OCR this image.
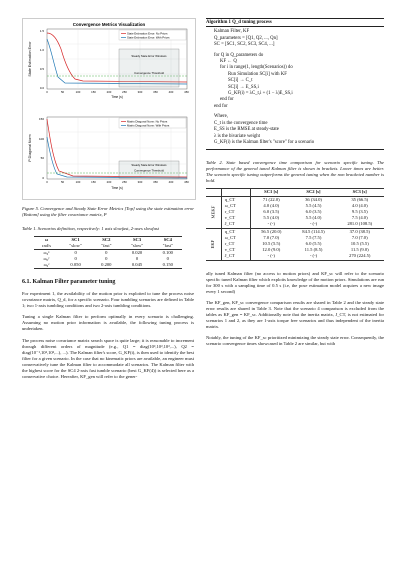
Convergence Metrics Visualization
State Estimation Error
1.5
1.0
0.5
0.0
Steady State Error Windows
Convergence Threshold
State Estimation Error: No Priors
State Estimation Error: With Priors
0	50	100	150	200	250	300	350	400	450
Time (s)
P Diagonal Norm
150
100
50
0
Steady State Error Windows
Convergence Threshold
Matrix Diagonal Norm: No Priors
Matrix Diagonal Norm: With Priors
0	50	100	150	200	250	300	350	400	450
Time (s)
Figure 5. Convergence and Steady State Error Metrics [Top] using the state estimation error [Bottom] using the filter covariance matrix, P
Table 1. Scenarios definition, respectively: 1 axis slowfast, 2-axes slowfast
ω	SC1	SC2	SC3	SC4
rad/s	"slow"	"fast"	"slow"	"fast"
ω₀ˣ	0	0	0.020	0.100
ω₀ʸ	0	0	0	0
ω₀ᶻ	0.050	0.200	0.045	0.150
6.1. Kalman Filter parameter tuning

For experiment 1, the availability of the motion prior is exploited to tune the process noise covariance matrix, Q_d, for a specific scenario. Four tumbling scenarios are defined in Table 1; two 1-axis tumbling conditions and two 2-axis tumbling conditions.

Tuning a single Kalman filter to perform optimally in every scenario is challenging. Assuming no motion prior information is available, the following tuning process is undertaken.

The process noise covariance matrix search space is quite large; it is reasonable to increment through different orders of magnitude (e.g., Q1 = diag(10³,10³,10³,...), Q2 = diag(10⁻¹,10²,10³,...), ...). The Kalman filter's score, G_KF(i), is then used to identify the best filter for a given scenario. In the case that no kinematic priors are available, an engineer must conservatively tune the Kalman filter to accommodate all scenarios. The Kalman filter with the highest score for the SC4 2-axis fast tumble scenario (best G_KF(4)) is selected here as a conservative choice. Hereafter, KF_gen will refer to the gener-

Algorithm 1 Q_d tuning process
Kalman Filter, KF
Q_parameters = [Q1, Q2, ..., Qn]
SC = [SC1, SC2, SC3, SC4, ...]
for Q in Q_parameters do
KF ← Q
for i in range(1, length(Scenarios)) do
Run Simulation SC[i] with KF
SC[i] → C_t
SC[i] → E_SS,i
G_KF(i) = λC_t,i + (1 − λ)E_SS,i
end for
end for
Where,
C_t is the convergence time
E_SS is the RMSE at steady-state
λ is the bivariate weight
G_KF(i) is the Kalman filter's "score" for a scenario
Table 2. State based convergence time comparison for scenario specific tuning. The performance of the general tuned Kalman filter is shown in brackets. Lower times are better. The scenario specific tuning outperforms the general tuning when the non bracketed number is bold.
		SC1 [s]	SC2 [s]	SC3 [s]
MEKF	q_CT	71 (22.0)	36 (34.0)	35 (66.5)
	ω_CT	4.0 (4.0)	5.5 (4.5)	4.0 (4.0)
	r_CT	6.0 (3.5)	6.0 (3.5)	9.5 (3.5)
	v_CT	5.5 (4.0)	5.5 (4.0)	7.5 (4.0)
	J_CT	- (-)	- (-)	281.0 (108.5)
EKF	q_CT	56.5 (20.0)	84.5 (114.5)	37.0 (38.5)
	ω_CT	7.0 (7.0)	7.5 (7.5)	7.0 (7.0)
	r_CT	10.5 (5.5)	6.0 (5.5)	10.5 (5.5)
	v_CT	12.0 (9.0)	11.5 (8.5)	11.5 (9.0)
	J_CT	- (-)	- (-)	270 (224.5)

ally tuned Kalman filter (no access to motion priors) and KF_sc will refer to the scenario specific tuned Kalman filter which exploits knowledge of the motion priors. Simulations are run for 300 s with a sampling time of 0.5 s (i.e, the pose estimation model acquires a new image every 1 second)

The KF_gen, KF_sc convergence comparison results are shared in Table 2 and the steady state error results are shared in Table 3. Note that the scenario 4 comparison is excluded from the tables as KF_gen = KF_sc. Additionally note that the inertia matrix, J_CT, is not estimated for scenarios 1 and 2, as they are 1-axis torque free scenarios and thus independent of the inertia matrix.

Notably, the tuning of the KF_sc prioritized minimizing the steady state error. Consequently, the scenario convergence times showcased in Table 2 are similar, but with
